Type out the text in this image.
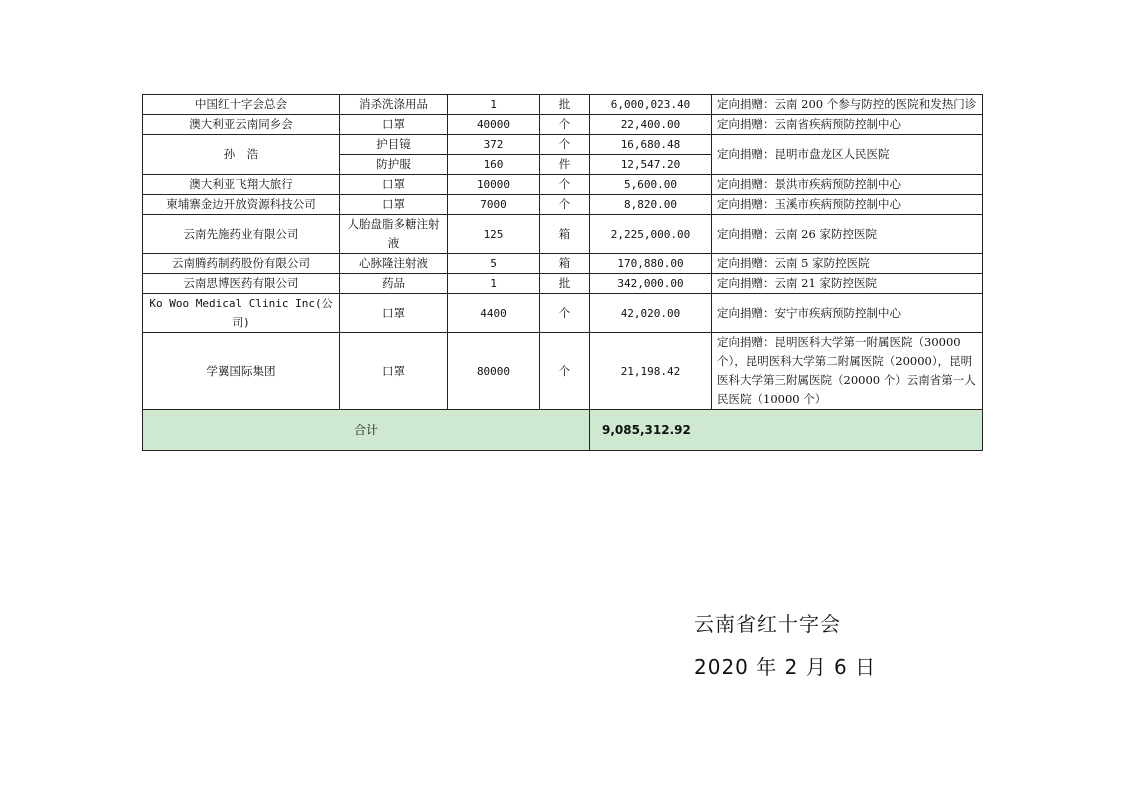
中国红十字会总会	消杀洗涤用品	1	批	6,000,023.40	定向捐赠：云南 200 个参与防控的医院和发热门诊
澳大利亚云南同乡会	口罩	40000	个	22,400.00	定向捐赠：云南省疾病预防控制中心
孙　浩	护目镜	372	个	16,680.48	定向捐赠：昆明市盘龙区人民医院
	防护服	160	件	12,547.20	
澳大利亚飞翔大旅行	口罩	10000	个	5,600.00	定向捐赠：景洪市疾病预防控制中心
柬埔寨金边开放资源科技公司	口罩	7000	个	8,820.00	定向捐赠：玉溪市疾病预防控制中心
云南先施药业有限公司	人胎盘脂多糖注射液	125	箱	2,225,000.00	定向捐赠：云南 26 家防控医院
云南腾药制药股份有限公司	心脉隆注射液	5	箱	170,880.00	定向捐赠：云南 5 家防控医院
云南思博医药有限公司	药品	1	批	342,000.00	定向捐赠：云南 21 家防控医院
Ko Woo Medical Clinic Inc(公司)	口罩	4400	个	42,020.00	定向捐赠：安宁市疾病预防控制中心
学翼国际集团	口罩	80000	个	21,198.42	定向捐赠：昆明医科大学第一附属医院（30000 个），昆明医科大学第二附属医院（20000），昆明医科大学第三附属医院（20000 个）云南省第一人民医院（10000 个）
合计				9,085,312.92	
云南省红十字会
2020 年 2 月 6 日
